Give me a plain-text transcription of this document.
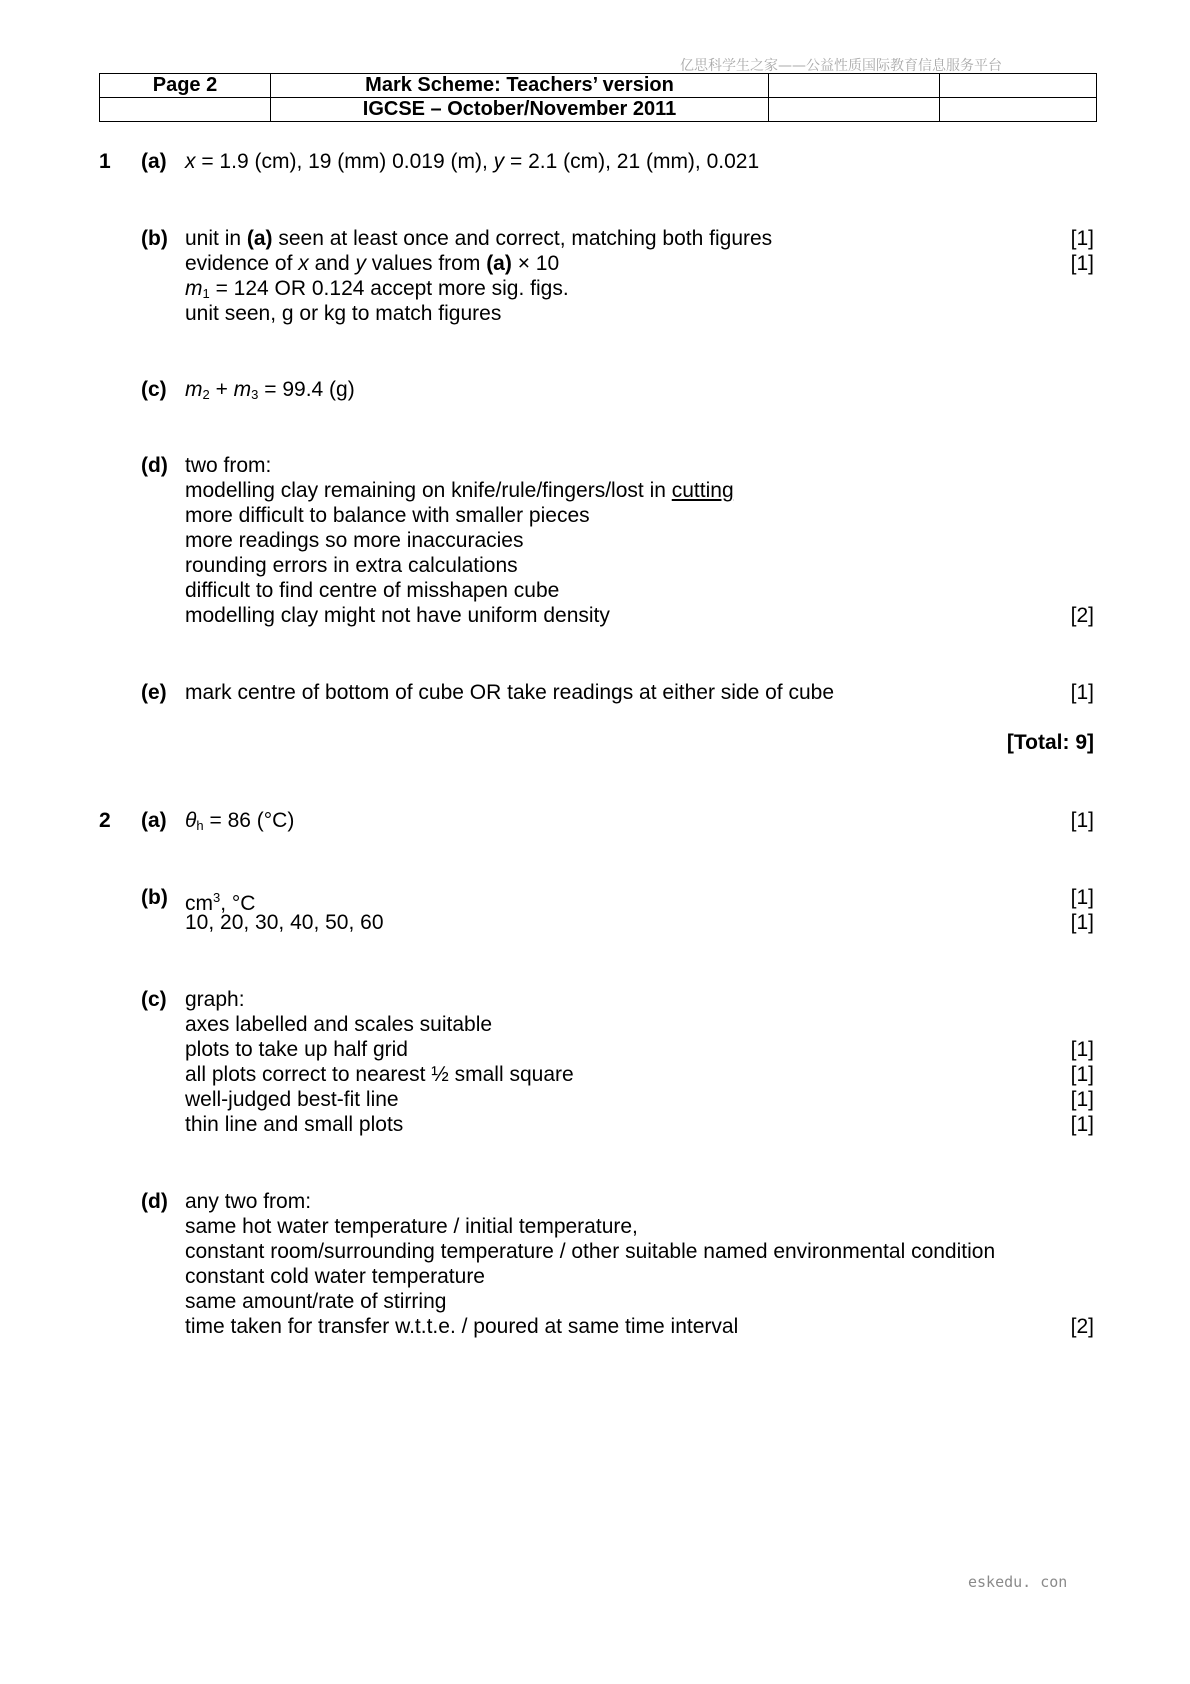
亿思科学生之家——公益性质国际教育信息服务平台
Page 2	Mark Scheme: Teachers’ version		
	IGCSE – October/November 2011		
1 (a) x = 1.9 (cm), 19 (mm) 0.019 (m), y = 2.1 (cm), 21 (mm), 0.021
(b) unit in (a) seen at least once and correct, matching both figures	[1]
evidence of x and y values from (a) × 10	[1]
$m_1 = 124$ OR 0.124 accept more sig. figs.
unit seen, g or kg to match figures
(c) $m_2 + m_3 = 99.4$ (g)
(d) two from:
modelling clay remaining on knife/rule/fingers/lost in cutting
more difficult to balance with smaller pieces
more readings so more inaccuracies
rounding errors in extra calculations
difficult to find centre of misshapen cube
modelling clay might not have uniform density	[2]
(e) mark centre of bottom of cube OR take readings at either side of cube	[1]
[Total: 9]
2 (a) $\theta_h = 86$ (°C)	[1]
(b) $cm^3$, °C	[1]
10, 20, 30, 40, 50, 60	[1]
(c) graph:
axes labelled and scales suitable
plots to take up half grid	[1]
all plots correct to nearest ½ small square	[1]
well-judged best-fit line	[1]
thin line and small plots	[1]
(d) any two from:
same hot water temperature / initial temperature,
constant room/surrounding temperature / other suitable named environmental condition
constant cold water temperature
same amount/rate of stirring
time taken for transfer w.t.t.e. / poured at same time interval	[2]
eskedu. con
